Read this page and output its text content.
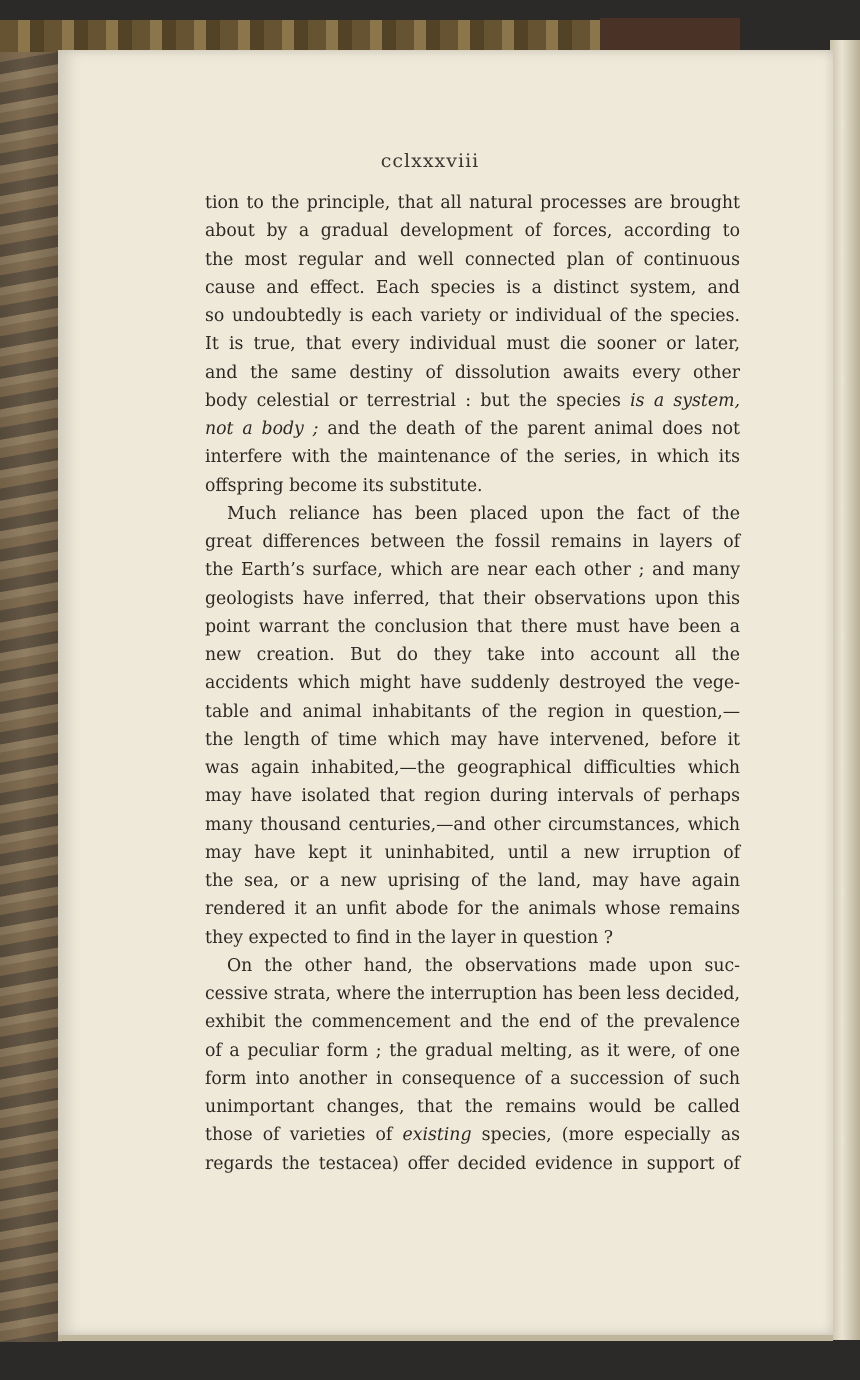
cclxxxviii
tion to the principle, that all natural processes are brought
about by a gradual development of forces, according to
the most regular and well connected plan of continuous
cause and effect. Each species is a distinct system, and
so undoubtedly is each variety or individual of the species.
It is true, that every individual must die sooner or later,
and the same destiny of dissolution awaits every other
body celestial or terrestrial : but the species is a system,
not a body ; and the death of the parent animal does not
interfere with the maintenance of the series, in which its
offspring become its substitute.
Much reliance has been placed upon the fact of the
great differences between the fossil remains in layers of
the Earth’s surface, which are near each other ; and many
geologists have inferred, that their observations upon this
point warrant the conclusion that there must have been a
new creation. But do they take into account all the
accidents which might have suddenly destroyed the vege-
table and animal inhabitants of the region in question,—
the length of time which may have intervened, before it
was again inhabited,—the geographical difficulties which
may have isolated that region during intervals of perhaps
many thousand centuries,—and other circumstances, which
may have kept it uninhabited, until a new irruption of
the sea, or a new uprising of the land, may have again
rendered it an unfit abode for the animals whose remains
they expected to find in the layer in question ?
On the other hand, the observations made upon suc-
cessive strata, where the interruption has been less decided,
exhibit the commencement and the end of the prevalence
of a peculiar form ; the gradual melting, as it were, of one
form into another in consequence of a succession of such
unimportant changes, that the remains would be called
those of varieties of existing species, (more especially as
regards the testacea) offer decided evidence in support of
